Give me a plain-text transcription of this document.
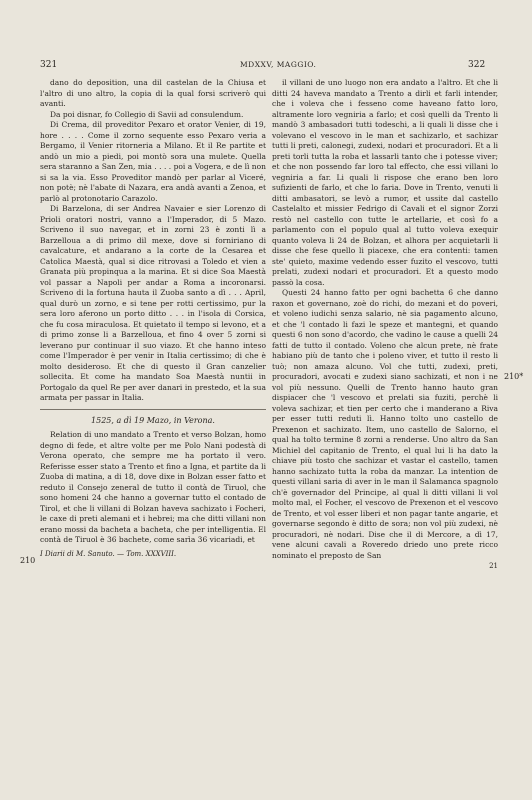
321	MDXXV, MAGGIO.	322

dano do deposition, una dil castelan de la Chiusa et l'altro di uno altro, la copia di la qual forsi scriverò qui avanti.

Da poi disnar, fo Collegio di Savii ad consulendum.

Di Crema, dil proveditor Pexaro et orator Venier, di 19, hore . . . . Come il zorno sequente esso Pexaro veria a Bergamo, il Venier ritorneria a Milano. Et il Re partite et andò un mio a piedi, poi montò sora una mulete. Quella sera staranno a San Zen, mia . . . . poi a Vogera, e de lì non si sa la via. Esso Proveditor mandò per parlar al Viceré, non potè; nè l'abate di Nazara, era andà avanti a Zenoa, et parlò al protonotario Carazolo.

Di Barzelona, di ser Andrea Navaier e sier Lorenzo di Prioli oratori nostri, vanno a l'Imperador, di 5 Mazo. Scriveno il suo navegar, et in zorni 23 è zonti lì a Barzelloua a di primo dil mexe, dove si forniriano di cavalcature, et andarano a la corte de la Cesarea et Catolica Maestà, qual si dice ritrovasi a Toledo et vien a Granata più propinqua a la marina. Et si dice Soa Maestà vol passar a Napoli per andar a Roma a incoronarsi. Scriveno di la fortuna hauta il Zuoba santo a dì . . . April, qual durò un zorno, e si tene per rotti certissimo, pur la sera loro aferono un porto ditto . . . in l'isola di Corsica, che fu cosa miraculosa. Et quietato il tempo si levono, et a di primo zonse li a Barzelloua, et fino 4 over 5 zorni si leverano pur continuar il suo viazo. Et che hanno inteso come l'Imperador è per venir in Italia certissimo; di che è molto desideroso. Et che di questo il Gran canzelier sollecita. Et come ha mandato Soa Maestà nuntii in Portogalo da quel Re per aver danari in prestedo, et la sua armata per passar in Italia.

1525, a dì 19 Mazo, in Verona.

Relation di uno mandato a Trento et verso Bolzan, homo degno di fede, et altre volte per me Polo Nani podestà di Verona operato, che sempre me ha portato il vero. Referisse esser stato a Trento et fino a Igna, et partite da li Zuoba di matina, a di 18, dove dixe in Bolzan esser fatto et reduto il Consejo zeneral de tutto il contà de Tiruol, che sono homeni 24 che hanno a governar tutto el contado de Tirol, et che li villani di Bolzan haveva sachizato i Focheri, le caxe di preti alemani et i hebrei; ma che ditti villani non erano mossi da bacheta a bacheta, che per intelligentia. El contà de Tiruol è 36 bachete, come sarìa 36 vicariadi, et

I Diarii di M. Sanuto. — Tom. XXXVIII.

210

il villani de uno luogo non era andato a l'altro. Et che li ditti 24 haveva mandato a Trento a dirli et farli intender, che i voleva che i fesseno come haveano fatto loro, altramente loro vegniria a farlo; et così quelli da Trento li mandò 3 ambasadori tutti todeschi, a li quali li disse che i volevano el vescovo in le man et sachizarlo, et sachizar tutti li preti, calonegi, zudexi, nodari et procuradori. Et a li preti torli tutta la roba et lassarli tanto che i potesse viver; et che non possendo far loro tal effecto, che essi villani lo vegniria a far. Li quali li rispose che erano ben loro sufizienti de farlo, et che lo faria. Dove in Trento, venuti li ditti ambasatori, se levò a rumor, et ussite dal castello Castelalto et missier Fedrigo di Cavali et el signor Zorzi restò nel castello con tutte le artellarie, et così fo a parlamento con el populo qual al tutto voleva exequir quanto voleva li 24 de Bolzan, et alhora per acquietarli li disse che fese quello li piacexe, che era contenti: tamen ste' quieto, maxime vedendo esser fuzito el vescovo, tutti prelati, zudexi nodari et procuradori. Et a questo modo passò la cosa.

Questi 24 hanno fatto per ogni bachetta 6 che danno raxon et governano, zoè do richi, do mezani et do poveri, et voleno iudichi senza salario, nè sia pagamento alcuno, et che 'l contado li fazi le speze et mantegni, et quando questi 6 non sono d'acordo, che vadino le cause a quelli 24 fatti de tutto il contado. Voleno che alcun prete, nè frate habiano più de tanto che i poleno viver, et tutto il resto li tuò; non amaza alcuno. Vol che tutti, zudexi, preti, procuradori, avocati e zudexi siano sachizati, et non i ne vol più nessuno. Quelli de Trento hanno hauto gran dispiacer che 'l vescovo et prelati sia fuziti, perchè li voleva sachizar, et tien per certo che i manderano a Riva per esser tutti reduti lì. Hanno tolto uno castello de Prexenon et sachizato. Item, uno castello de Salorno, el qual ha tolto termine 8 zorni a renderse. Uno altro da San Michiel del capitanio de Trento, el qual lui li ha dato la chiave più tosto che sachizar et vastar el castello, tamen hanno sachizato tutta la roba da manzar. La intention de questi villani saria di aver in le man il Salamanca spagnolo ch'è governador del Principe, al qual li ditti villani li vol molto mal, el Focher, el vescovo de Prexenon et el vescovo de Trento, et vol esser liberi et non pagar tante angarie, et governarse segondo è ditto de sora; non vol più zudexi, nè procuradori, nè nodari. Dise che il di Mercore, a dì 17, vene alcuni cavali a Roveredo driedo uno prete ricco nominato el preposto de San

21

210*
